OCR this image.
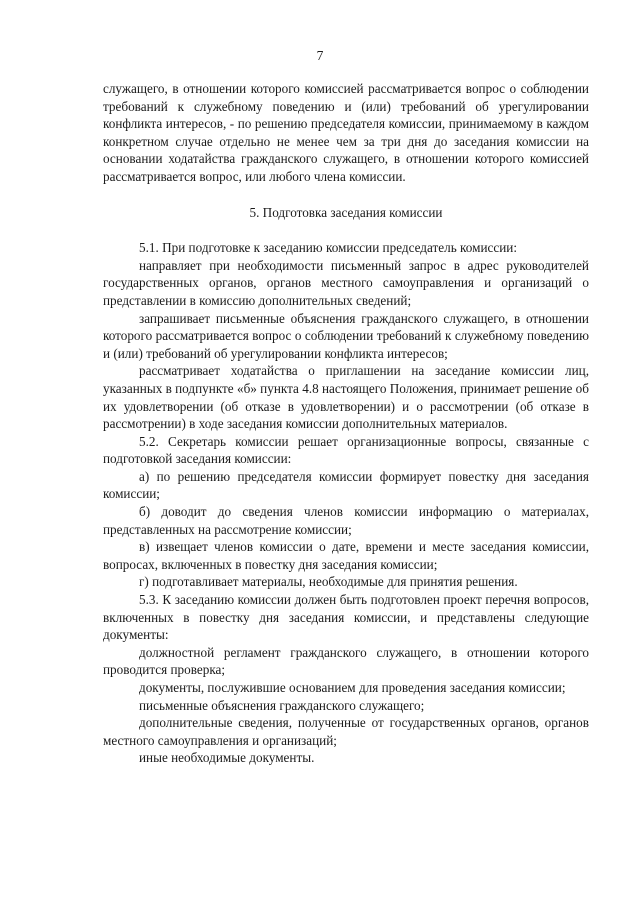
7

служащего, в отношении которого комиссией рассматривается вопрос о соблюдении требований к служебному поведению и (или) требований об урегулировании конфликта интересов, - по решению председателя комиссии, принимаемому в каждом конкретном случае отдельно не менее чем за три дня до заседания комиссии на основании ходатайства гражданского служащего, в отношении которого комиссией рассматривается вопрос, или любого члена комиссии.

5. Подготовка заседания комиссии

5.1. При подготовке к заседанию комиссии председатель комиссии:

направляет при необходимости письменный запрос в адрес руководителей государственных органов, органов местного самоуправления и организаций о представлении в комиссию дополнительных сведений;

запрашивает письменные объяснения гражданского служащего, в отношении которого рассматривается вопрос о соблюдении требований к служебному поведению и (или) требований об урегулировании конфликта интересов;

рассматривает ходатайства о приглашении на заседание комиссии лиц, указанных в подпункте «б» пункта 4.8 настоящего Положения, принимает решение об их удовлетворении (об отказе в удовлетворении) и о рассмотрении (об отказе в рассмотрении) в ходе заседания комиссии дополнительных материалов.

5.2. Секретарь комиссии решает организационные вопросы, связанные с подготовкой заседания комиссии:

а) по решению председателя комиссии формирует повестку дня заседания комиссии;

б) доводит до сведения членов комиссии информацию о материалах, представленных на рассмотрение комиссии;

в) извещает членов комиссии о дате, времени и месте заседания комиссии, вопросах, включенных в повестку дня заседания комиссии;

г) подготавливает материалы, необходимые для принятия решения.

5.3. К заседанию комиссии должен быть подготовлен проект перечня вопросов, включенных в повестку дня заседания комиссии, и представлены следующие документы:

должностной регламент гражданского служащего, в отношении которого проводится проверка;

документы, послужившие основанием для проведения заседания комиссии;

письменные объяснения гражданского служащего;

дополнительные сведения, полученные от государственных органов, органов местного самоуправления и организаций;

иные необходимые документы.
